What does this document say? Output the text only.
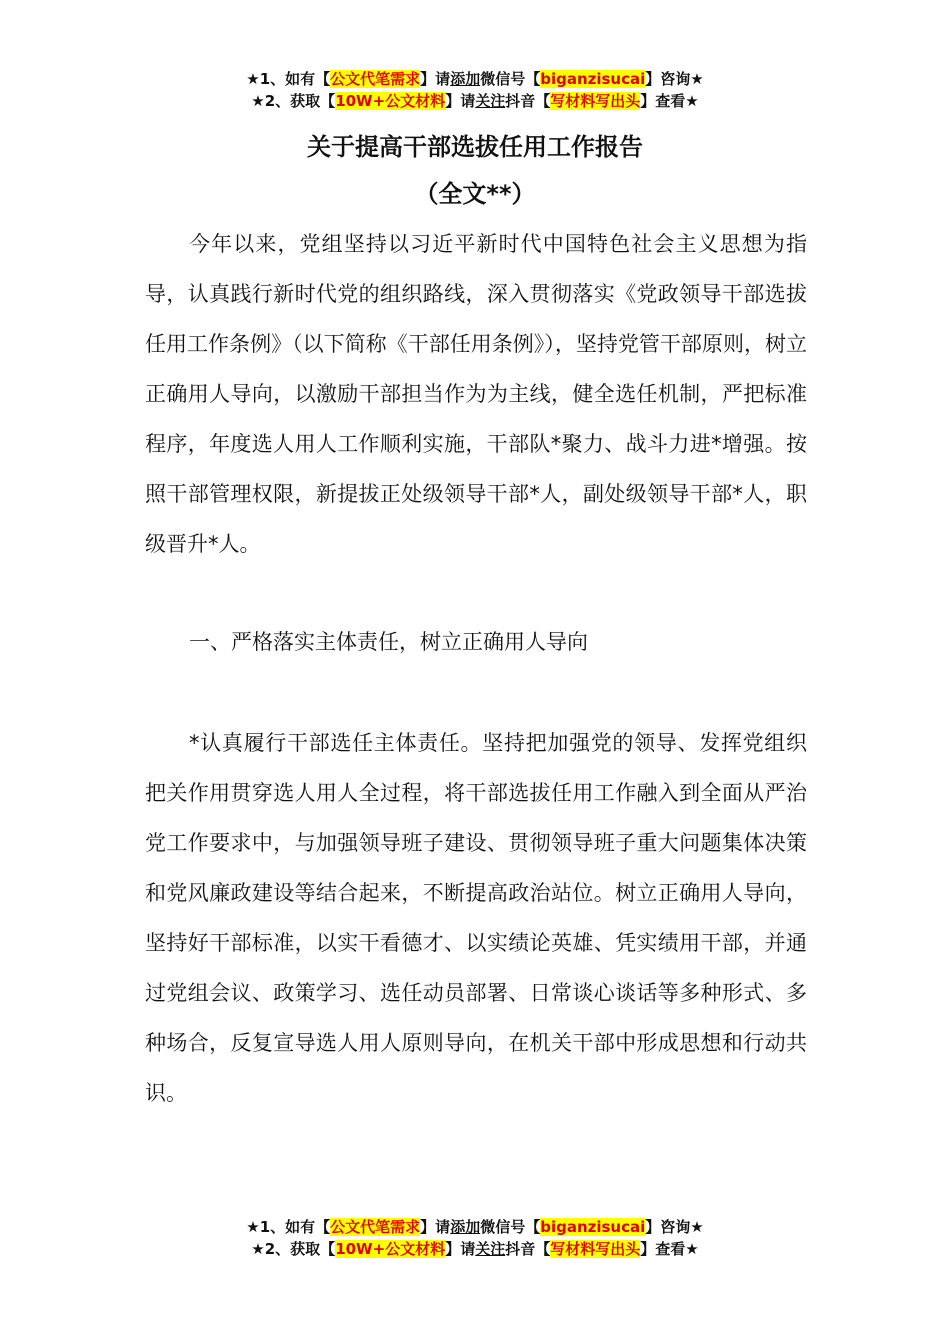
★1、如有【公文代笔需求】请添加微信号【biganzisucai】咨询★
★2、获取【10W+公文材料】请关注抖音【写材料写出头】查看★
关于提高干部选拔任用工作报告
（全文**）

今年以来，党组坚持以习近平新时代中国特色社会主义思想为指导，认真践行新时代党的组织路线，深入贯彻落实《党政领导干部选拔任用工作条例》（以下简称《干部任用条例》），坚持党管干部原则，树立正确用人导向，以激励干部担当作为为主线，健全选任机制，严把标准程序，年度选人用人工作顺利实施，干部队*聚力、战斗力进*增强。按照干部管理权限，新提拔正处级领导干部*人，副处级领导干部*人，职级晋升*人。

一、严格落实主体责任，树立正确用人导向

*认真履行干部选任主体责任。坚持把加强党的领导、发挥党组织把关作用贯穿选人用人全过程，将干部选拔任用工作融入到全面从严治党工作要求中，与加强领导班子建设、贯彻领导班子重大问题集体决策和党风廉政建设等结合起来，不断提高政治站位。树立正确用人导向，坚持好干部标准，以实干看德才、以实绩论英雄、凭实绩用干部，并通过党组会议、政策学习、选任动员部署、日常谈心谈话等多种形式、多种场合，反复宣导选人用人原则导向，在机关干部中形成思想和行动共识。

★1、如有【公文代笔需求】请添加微信号【biganzisucai】咨询★
★2、获取【10W+公文材料】请关注抖音【写材料写出头】查看★
